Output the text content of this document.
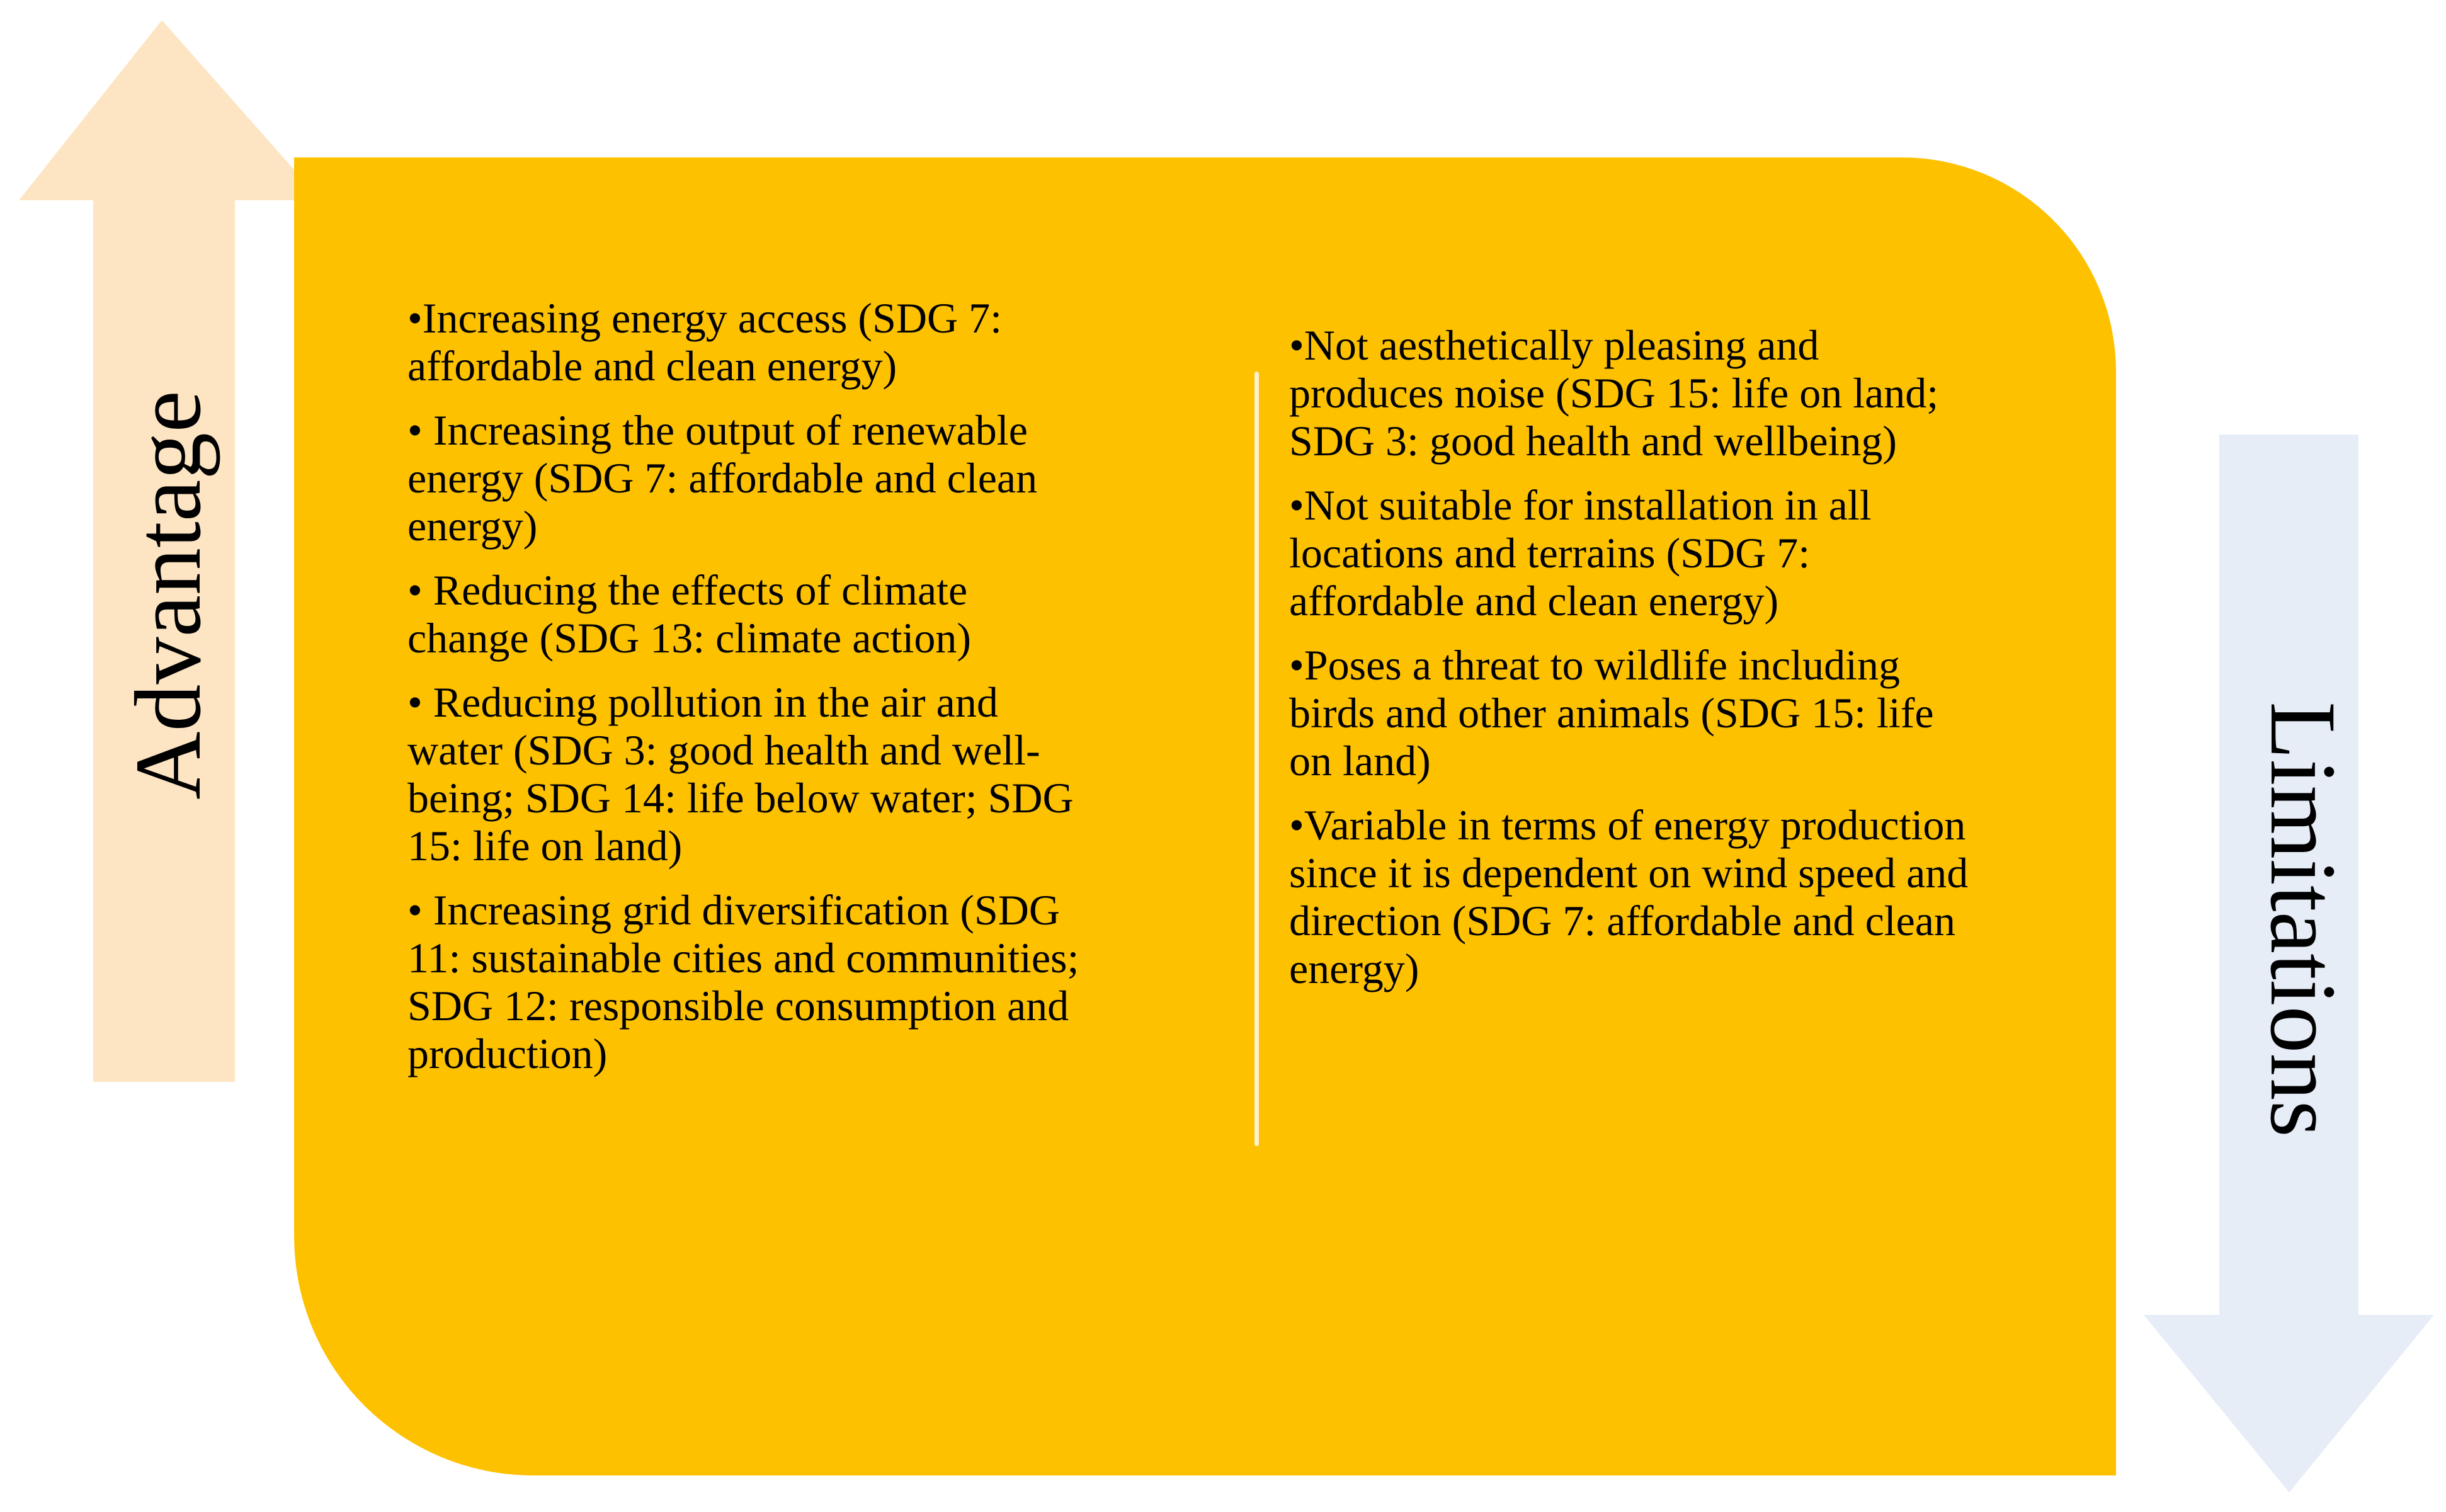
Advantage
Limitations

•Increasing energy access (SDG 7:
affordable and clean energy)

• Increasing the output of renewable
energy (SDG 7: affordable and clean
energy)

• Reducing the effects of climate
change (SDG 13: climate action)

• Reducing pollution in the air and
water (SDG 3: good health and well-
being; SDG 14: life below water; SDG
15: life on land)

• Increasing grid diversification (SDG
11: sustainable cities and communities;
SDG 12: responsible consumption and
production)

•Not aesthetically pleasing and
produces noise (SDG 15: life on land;
SDG 3: good health and wellbeing)

•Not suitable for installation in all
locations and terrains (SDG 7:
affordable and clean energy)

•Poses a threat to wildlife including
birds and other animals (SDG 15: life
on land)

•Variable in terms of energy production
since it is dependent on wind speed and
direction (SDG 7: affordable and clean
energy)
